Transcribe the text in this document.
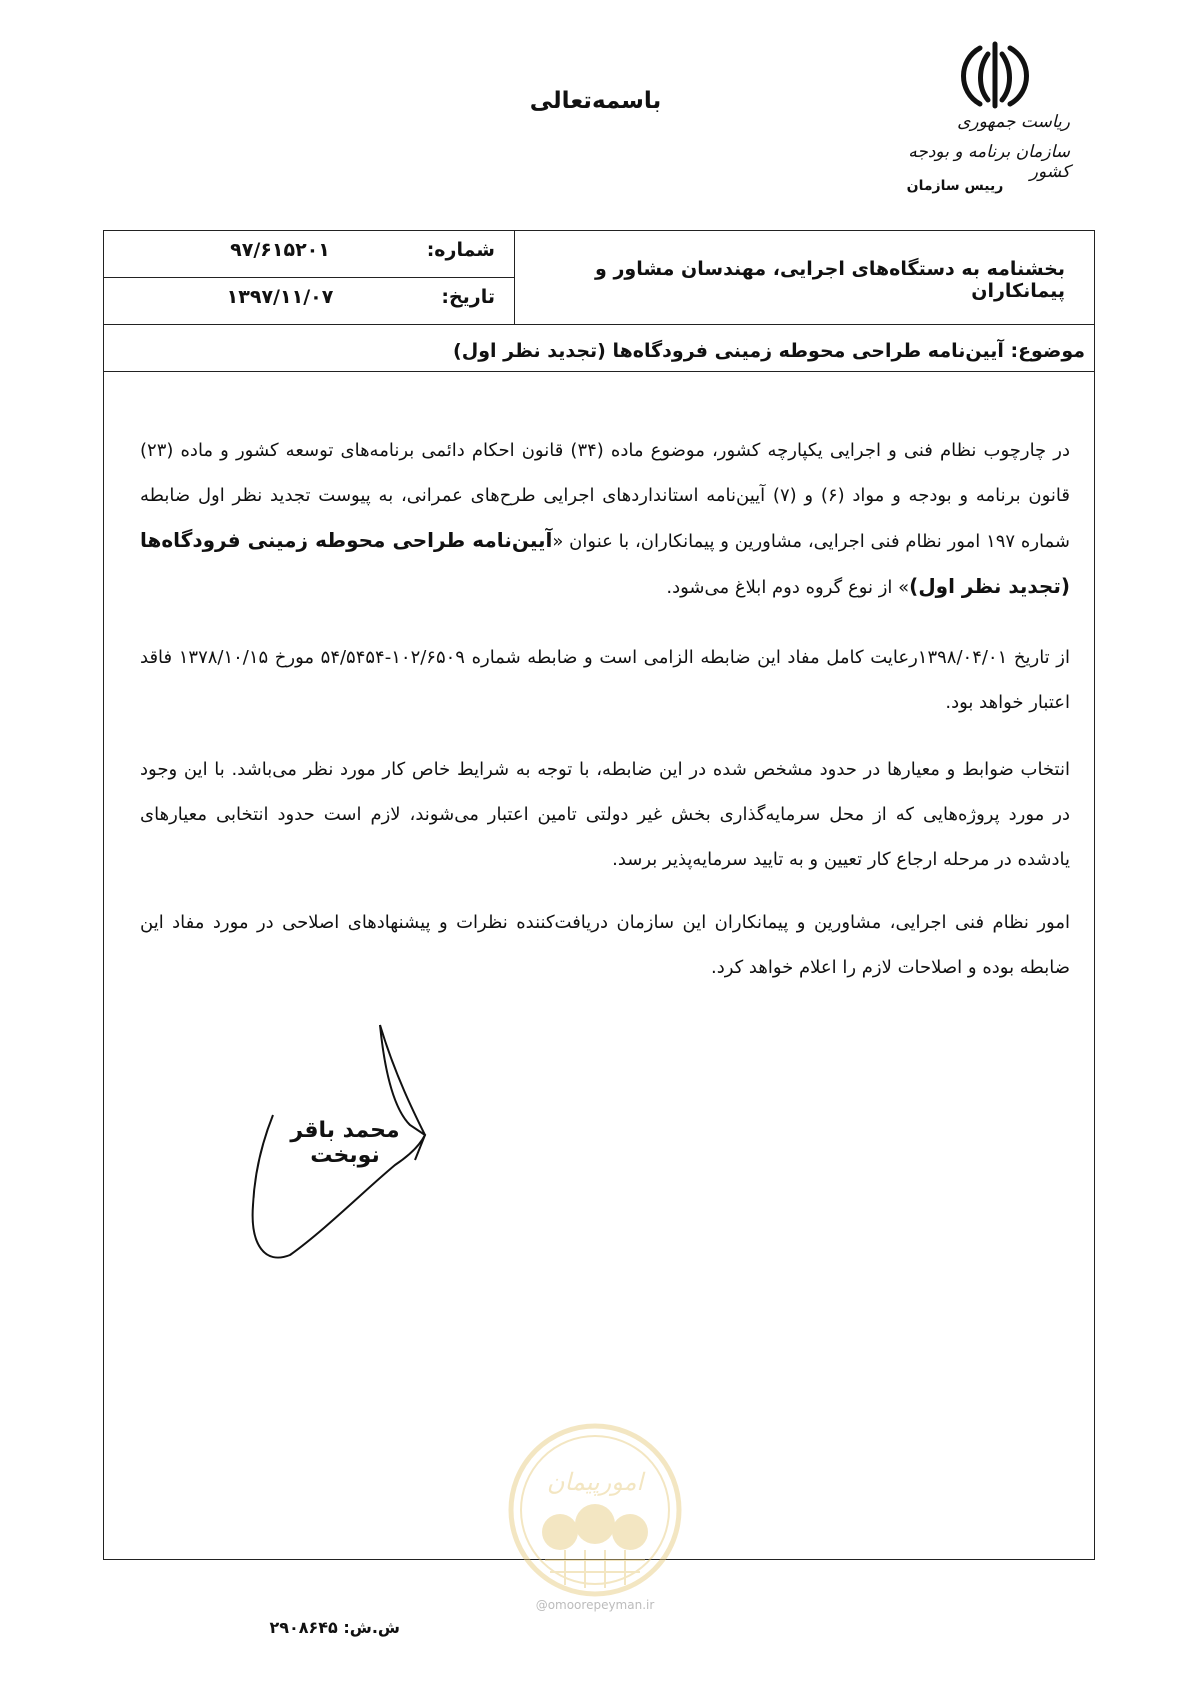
باسمه‌تعالی
ریاست جمهوری
سازمان برنامه و بودجه کشور
رییس سازمان
شماره:
۹۷/۶۱۵۲۰۱
تاریخ:
۱۳۹۷/۱۱/۰۷
بخشنامه به دستگاه‌های اجرایی، مهندسان مشاور و پیمانکاران
موضوع: آیین‌نامه طراحی محوطه زمینی فرودگاه‌ها (تجدید نظر اول)
در چارچوب نظام فنی و اجرایی یکپارچه کشور، موضوع ماده (۳۴) قانون احکام دائمی برنامه‌های توسعه کشور و ماده (۲۳) قانون برنامه و بودجه و مواد (۶) و (۷) آیین‌نامه استانداردهای اجرایی طرح‌های عمرانی، به پیوست تجدید نظر اول ضابطه شماره ۱۹۷ امور نظام فنی اجرایی، مشاورین و پیمانکاران، با عنوان «آیین‌نامه طراحی محوطه زمینی فرودگاه‌ها (تجدید نظر اول)» از نوع گروه دوم ابلاغ می‌شود.
از تاریخ ۱۳۹۸/۰۴/۰۱رعایت کامل مفاد این ضابطه الزامی است و ضابطه شماره ۱۰۲/۶۵۰۹-۵۴/۵۴۵۴ مورخ ۱۳۷۸/۱۰/۱۵ فاقد اعتبار خواهد بود.
انتخاب ضوابط و معیارها در حدود مشخص شده در این ضابطه، با توجه به شرایط خاص کار مورد نظر می‌باشد. با این وجود در مورد پروژه‌هایی که از محل سرمایه‌گذاری بخش غیر دولتی تامین اعتبار می‌شوند، لازم است حدود انتخابی معیارهای یادشده در مرحله ارجاع کار تعیین و به تایید سرمایه‌پذیر برسد.
امور نظام فنی اجرایی، مشاورین و پیمانکاران این سازمان دریافت‌کننده نظرات و پیشنهادهای اصلاحی در مورد مفاد این ضابطه بوده و اصلاحات لازم را اعلام خواهد کرد.
محمد باقر نوبخت
امورپیمان
@omoorepeyman.ir
ش.ش: ۲۹۰۸۶۴۵
